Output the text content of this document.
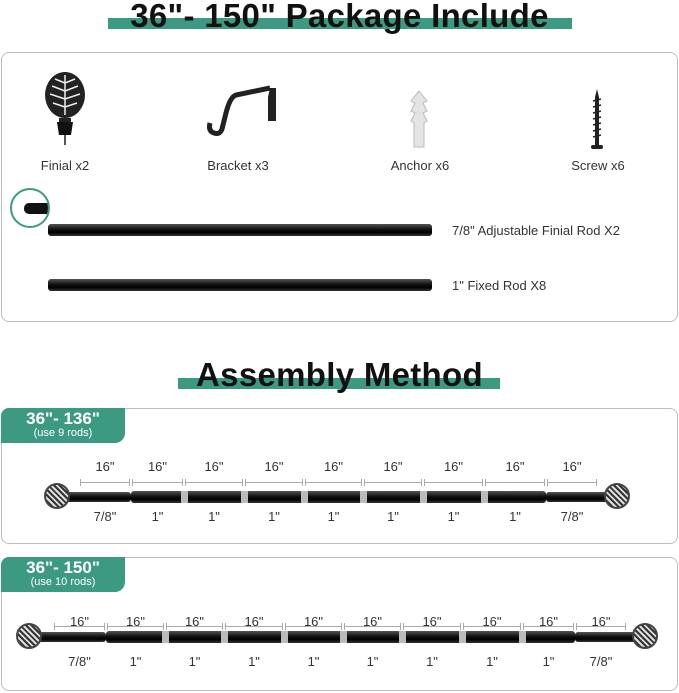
36"- 150" Package Include
Finial x2	Bracket x3	Anchor x6	Screw x6
7/8" Adjustable Finial Rod X2
1" Fixed Rod X8
Assembly Method
16"
7/8"
16"
1"
16"
1"
16"
1"
16"
1"
16"
1"
16"
1"
16"
1"
16"
7/8"
16"
7/8"
16"
1"
16"
1"
16"
1"
16"
1"
16"
1"
16"
1"
16"
1"
16"
1"
16"
7/8"
36"- 136"
(use 9 rods)
36"- 150"
(use 10 rods)
